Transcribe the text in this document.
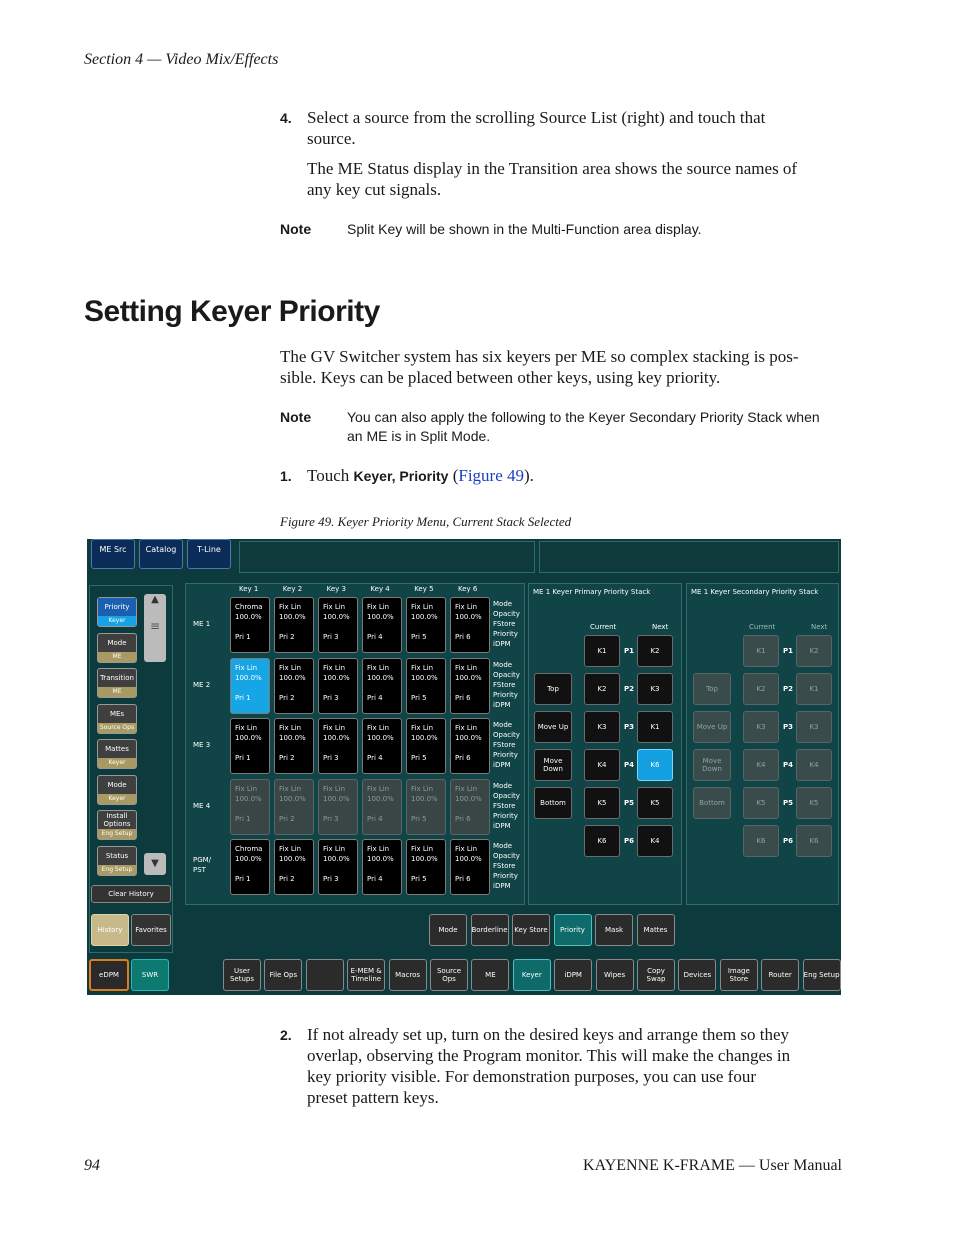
Section 4 — Video Mix/Effects
4. Select a source from the scrolling Source List (right) and touch that
source.
The ME Status display in the Transition area shows the source names of
any key cut signals.
Note	Split Key will be shown in the Multi-Function area display.
Setting Keyer Priority
The GV Switcher system has six keyers per ME so complex stacking is pos-
sible. Keys can be placed between other keys, using key priority.
Note	You can also apply the following to the Keyer Secondary Priority Stack when
an ME is in Split Mode.
1. Touch Keyer, Priority (Figure 49).
Figure 49. Keyer Priority Menu, Current Stack Selected
ME Src	Catalog	T-Line
Priority
Keyer
Mode
ME
Transition
ME
MEs
Source Ops
Mattes
Keyer
Mode
Keyer
Install Options
Eng Setup
Status
Eng Setup
▲
≡
▼
Clear History
History	Favorites
eDPM	SWR
Key 1	Key 2	Key 3	Key 4	Key 5	Key 6
ME 1
Chroma
100.0%
Pri 1
Fix Lin
100.0%
Pri 2
Fix Lin
100.0%
Pri 3
Fix Lin
100.0%
Pri 4
Fix Lin
100.0%
Pri 5
Fix Lin
100.0%
Pri 6
Mode
Opacity
FStore
Priority
iDPM
ME 2
Fix Lin
100.0%
Pri 1
Fix Lin
100.0%
Pri 2
Fix Lin
100.0%
Pri 3
Fix Lin
100.0%
Pri 4
Fix Lin
100.0%
Pri 5
Fix Lin
100.0%
Pri 6
Mode
Opacity
FStore
Priority
iDPM
ME 3
Fix Lin
100.0%
Pri 1
Fix Lin
100.0%
Pri 2
Fix Lin
100.0%
Pri 3
Fix Lin
100.0%
Pri 4
Fix Lin
100.0%
Pri 5
Fix Lin
100.0%
Pri 6
Mode
Opacity
FStore
Priority
iDPM
ME 4
Fix Lin
100.0%
Pri 1
Fix Lin
100.0%
Pri 2
Fix Lin
100.0%
Pri 3
Fix Lin
100.0%
Pri 4
Fix Lin
100.0%
Pri 5
Fix Lin
100.0%
Pri 6
Mode
Opacity
FStore
Priority
iDPM
PGM/ PST
Chroma
100.0%
Pri 1
Fix Lin
100.0%
Pri 2
Fix Lin
100.0%
Pri 3
Fix Lin
100.0%
Pri 4
Fix Lin
100.0%
Pri 5
Fix Lin
100.0%
Pri 6
Mode
Opacity
FStore
Priority
iDPM
ME 1 Keyer Primary Priority Stack
Current	Next
Top
Move Up
Move Down
Bottom
K1	P1	K2
K2	P2	K3
K3	P3	K1
K4	P4	K6
K5	P5	K5
K6	P6	K4
ME 1 Keyer Secondary Priority Stack
Current	Next
Top
Move Up
Move Down
Bottom
K1	P1	K2
K2	P2	K1
K3	P3	K3
K4	P4	K4
K5	P5	K5
K6	P6	K6
Mode	Borderline Key Store	Priority	Mask	Mattes
User Setups	File Ops	E-MEM & Timeline	Macros	Source Ops	ME	Keyer	iDPM	Wipes	Copy Swap	Devices	Image Store	Router	Eng Setup
2. If not already set up, turn on the desired keys and arrange them so they
overlap, observing the Program monitor. This will make the changes in
key priority visible. For demonstration purposes, you can use four
preset pattern keys.
94	KAYENNE K-FRAME — User Manual
